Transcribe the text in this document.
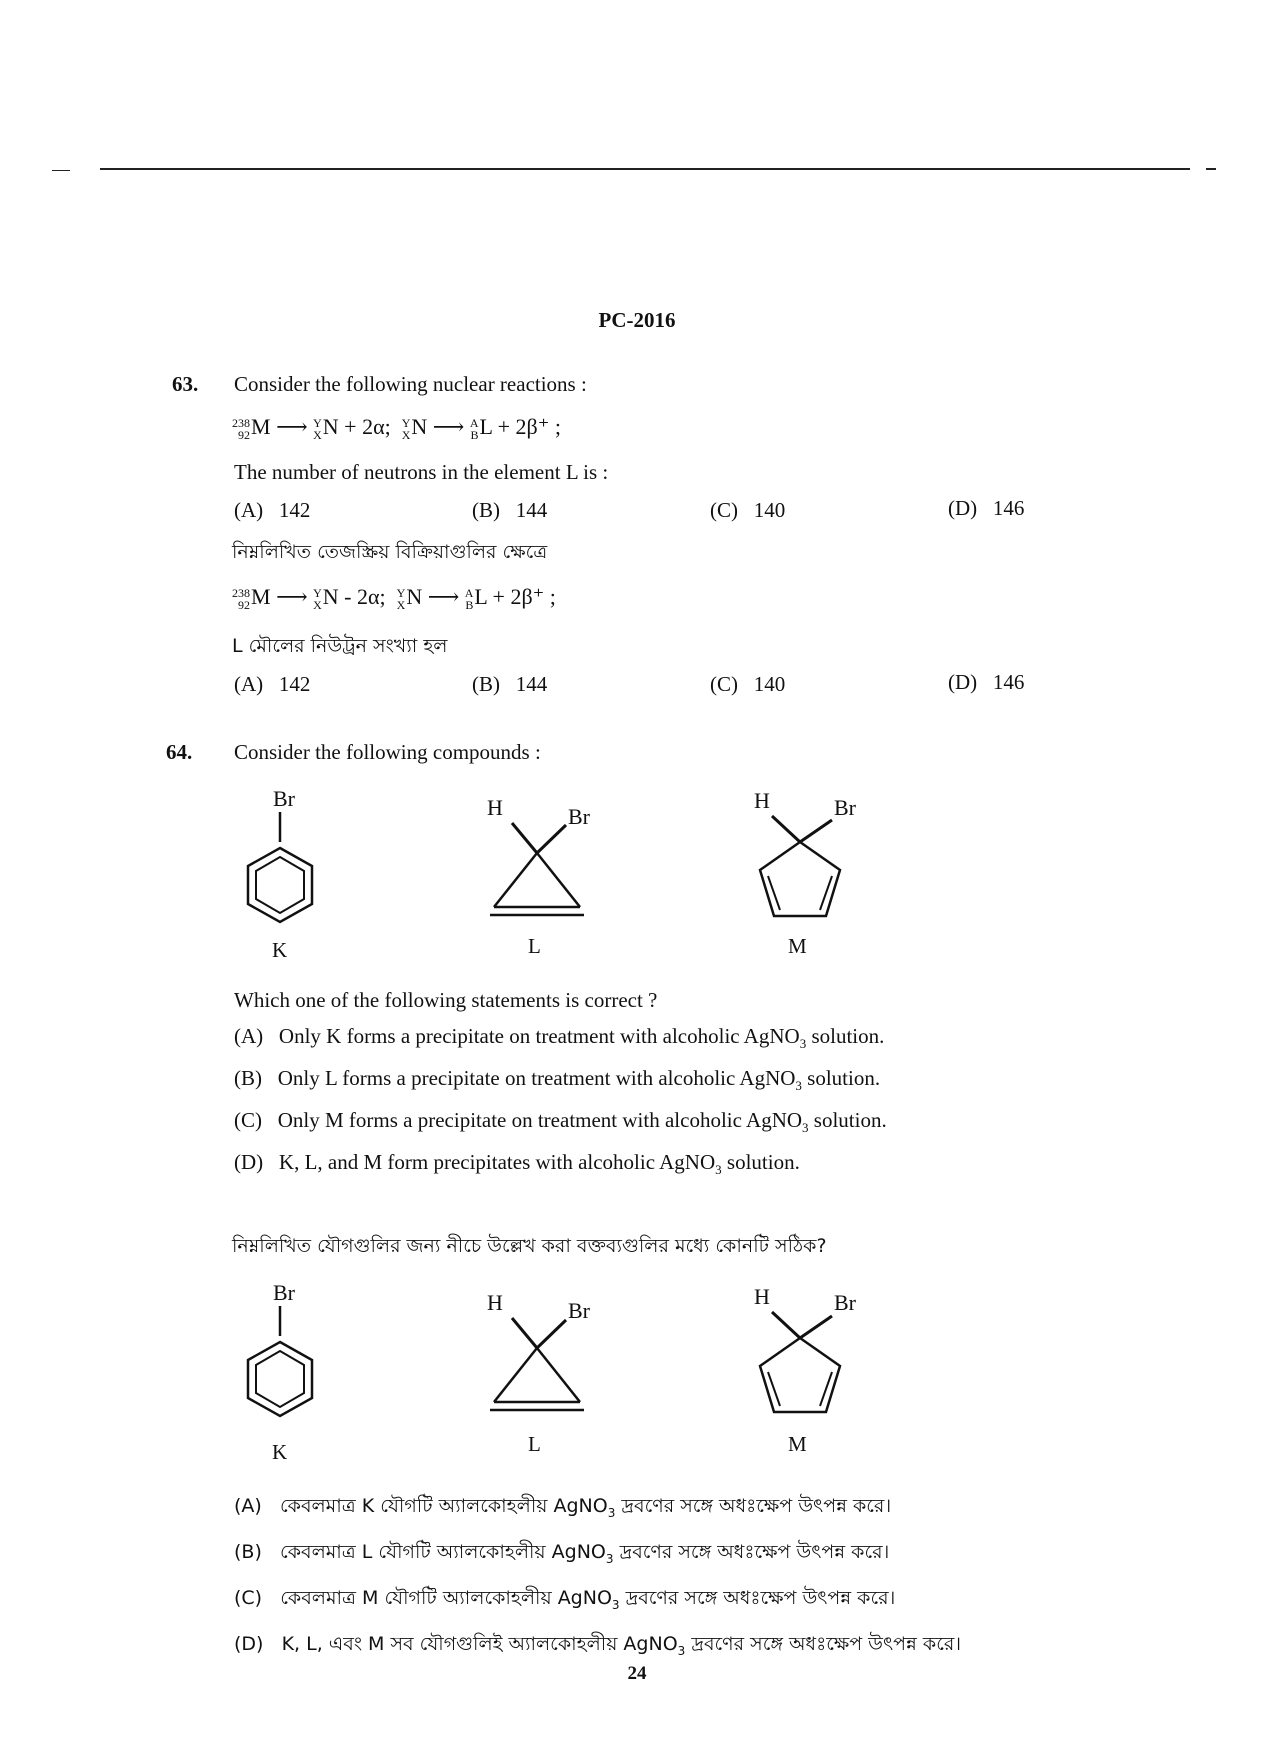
PC-2016
63. Consider the following nuclear reactions :
238
92 M ⟶ Y
X N + 2α; Y
X N ⟶ A
B L + 2β⁺ ;
The number of neutrons in the element L is :
(A) 142	(B) 144	(C) 140	(D) 146
নিম্নলিখিত তেজস্ক্রিয় বিক্রিয়াগুলির ক্ষেত্রে
238
92 M ⟶ Y
X N - 2α; Y
X N ⟶ A
B L + 2β⁺ ;
L মৌলের নিউট্রন সংখ্যা হল
(A) 142	(B) 144	(C) 140	(D) 146
64. Consider the following compounds :
Br
K
H	Br
L
H	Br
M
Which one of the following statements is correct ?
(A) Only K forms a precipitate on treatment with alcoholic AgNO$_3$ solution.
(B) Only L forms a precipitate on treatment with alcoholic AgNO$_3$ solution.
(C) Only M forms a precipitate on treatment with alcoholic AgNO$_3$ solution.
(D) K, L, and M form precipitates with alcoholic AgNO$_3$ solution.
নিম্নলিখিত যৌগগুলির জন্য নীচে উল্লেখ করা বক্তব্যগুলির মধ্যে কোনটি সঠিক?
Br
K
H	Br
L
H	Br
M
(A) কেবলমাত্র K যৌগটি অ্যালকোহলীয় AgNO$_3$ দ্রবণের সঙ্গে অধঃক্ষেপ উৎপন্ন করে।
(B) কেবলমাত্র L যৌগটি অ্যালকোহলীয় AgNO$_3$ দ্রবণের সঙ্গে অধঃক্ষেপ উৎপন্ন করে।
(C) কেবলমাত্র M যৌগটি অ্যালকোহলীয় AgNO$_3$ দ্রবণের সঙ্গে অধঃক্ষেপ উৎপন্ন করে।
(D) K, L, এবং M সব যৌগগুলিই অ্যালকোহলীয় AgNO$_3$ দ্রবণের সঙ্গে অধঃক্ষেপ উৎপন্ন করে।
24
